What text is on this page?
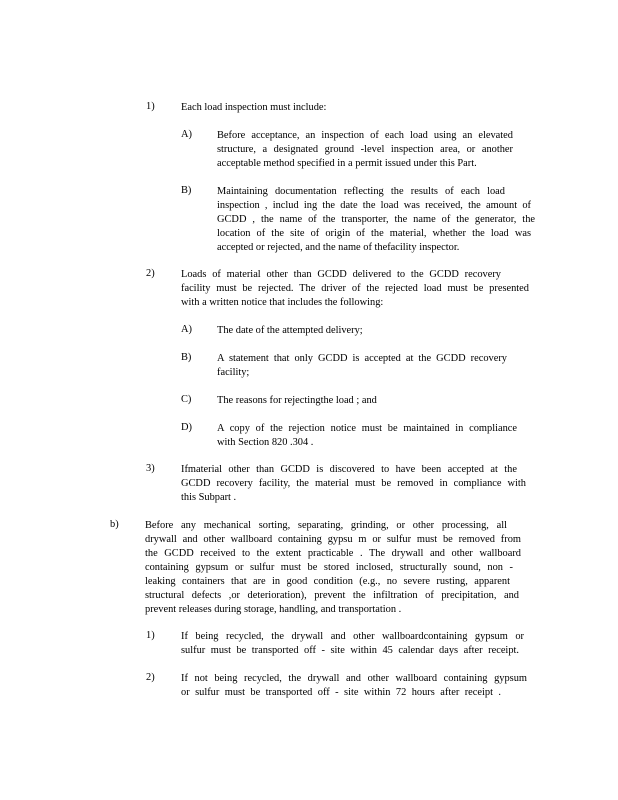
1)	Each load inspection must include:
A) Before acceptance, an inspection of each load using an elevated
structure, a designated ground -level inspection area, or another
acceptable method specified in a permit issued under this Part.
B) Maintaining documentation reflecting the results of each load
inspection , includ ing the date the load was received, the amount of
GCDD , the name of the transporter, the name of the generator, the
location of the site of origin of the material, whether the load was
accepted or rejected, and the name of thefacility inspector.
2)	Loads of material other than GCDD delivered to the GCDD recovery
facility must be rejected. The driver of the rejected load must be presented
with a written notice that includes the following:
A) The date of the attempted delivery;
B) A statement that only GCDD is accepted at the GCDD recovery
facility;
C) The reasons for rejectingthe load ; and
D) A copy of the rejection notice must be maintained in compliance
with Section 820 .304 .
3)	Ifmaterial other than GCDD is discovered to have been accepted at the
GCDD recovery facility, the material must be removed in compliance with
this Subpart .
b)	Before any mechanical sorting, separating, grinding, or other processing, all
drywall and other wallboard containing gypsu m or sulfur must be removed from
the GCDD received to the extent practicable . The drywall and other wallboard
containing gypsum or sulfur must be stored inclosed, structurally sound, non -
leaking containers that are in good condition (e.g., no severe rusting, apparent
structural defects ,or deterioration), prevent the infiltration of precipitation, and
prevent releases during storage, handling, and transportation .
1)	If being recycled, the drywall and other wallboardcontaining gypsum or
sulfur must be transported off - site within 45 calendar days after receipt.
2)	If not being recycled, the drywall and other wallboard containing gypsum
or sulfur must be transported off - site within 72 hours after receipt .
